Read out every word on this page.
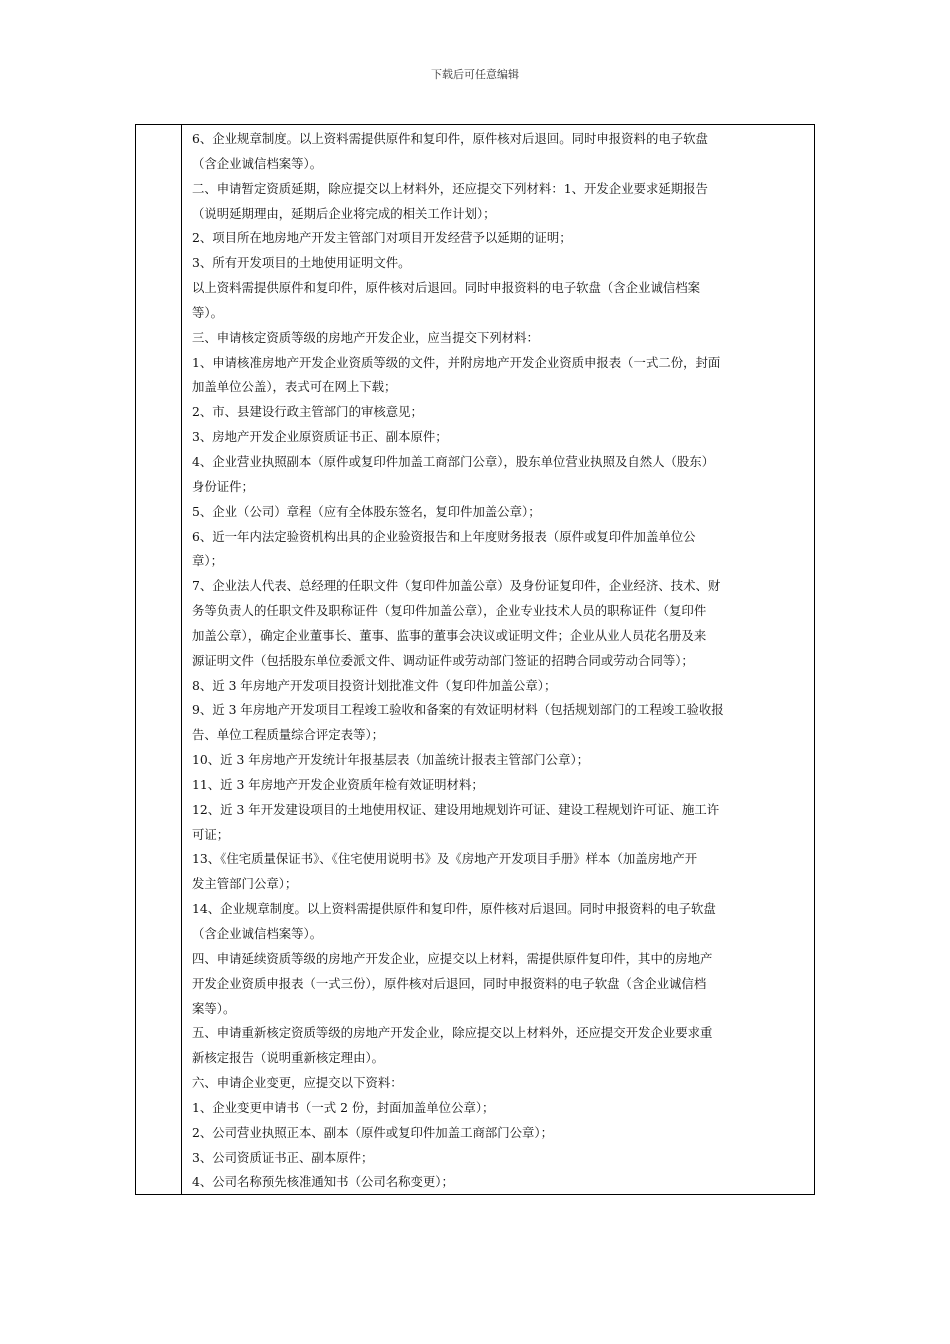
下载后可任意编辑
6、企业规章制度。以上资料需提供原件和复印件，原件核对后退回。同时申报资料的电子软盘
（含企业诚信档案等）。
二、申请暂定资质延期，除应提交以上材料外，还应提交下列材料：1、开发企业要求延期报告
（说明延期理由，延期后企业将完成的相关工作计划）；
2、项目所在地房地产开发主管部门对项目开发经营予以延期的证明；
3、所有开发项目的土地使用证明文件。
以上资料需提供原件和复印件，原件核对后退回。同时申报资料的电子软盘（含企业诚信档案
等）。
三、申请核定资质等级的房地产开发企业，应当提交下列材料：
1、申请核准房地产开发企业资质等级的文件，并附房地产开发企业资质申报表（一式二份，封面
加盖单位公盖），表式可在网上下载；
2、市、县建设行政主管部门的审核意见；
3、房地产开发企业原资质证书正、副本原件；
4、企业营业执照副本（原件或复印件加盖工商部门公章），股东单位营业执照及自然人（股东）
身份证件；
5、企业（公司）章程（应有全体股东签名，复印件加盖公章）；
6、近一年内法定验资机构出具的企业验资报告和上年度财务报表（原件或复印件加盖单位公
章）；
7、企业法人代表、总经理的任职文件（复印件加盖公章）及身份证复印件，企业经济、技术、财
务等负责人的任职文件及职称证件（复印件加盖公章），企业专业技术人员的职称证件（复印件
加盖公章），确定企业董事长、董事、监事的董事会决议或证明文件；企业从业人员花名册及来
源证明文件（包括股东单位委派文件、调动证件或劳动部门签证的招聘合同或劳动合同等）；
8、近 3 年房地产开发项目投资计划批准文件（复印件加盖公章）；
9、近 3 年房地产开发项目工程竣工验收和备案的有效证明材料（包括规划部门的工程竣工验收报
告、单位工程质量综合评定表等）；
10、近 3 年房地产开发统计年报基层表（加盖统计报表主管部门公章）；
11、近 3 年房地产开发企业资质年检有效证明材料；
12、近 3 年开发建设项目的土地使用权证、建设用地规划许可证、建设工程规划许可证、施工许
可证；
13、《住宅质量保证书》、《住宅使用说明书》及《房地产开发项目手册》样本（加盖房地产开
发主管部门公章）；
14、企业规章制度。以上资料需提供原件和复印件，原件核对后退回。同时申报资料的电子软盘
（含企业诚信档案等）。
四、申请延续资质等级的房地产开发企业，应提交以上材料，需提供原件复印件，其中的房地产
开发企业资质申报表（一式三份），原件核对后退回，同时申报资料的电子软盘（含企业诚信档
案等）。
五、申请重新核定资质等级的房地产开发企业，除应提交以上材料外，还应提交开发企业要求重
新核定报告（说明重新核定理由）。
六、申请企业变更，应提交以下资料：
1、企业变更申请书（一式 2 份，封面加盖单位公章）；
2、公司营业执照正本、副本（原件或复印件加盖工商部门公章）；
3、公司资质证书正、副本原件；
4、公司名称预先核准通知书（公司名称变更）；
